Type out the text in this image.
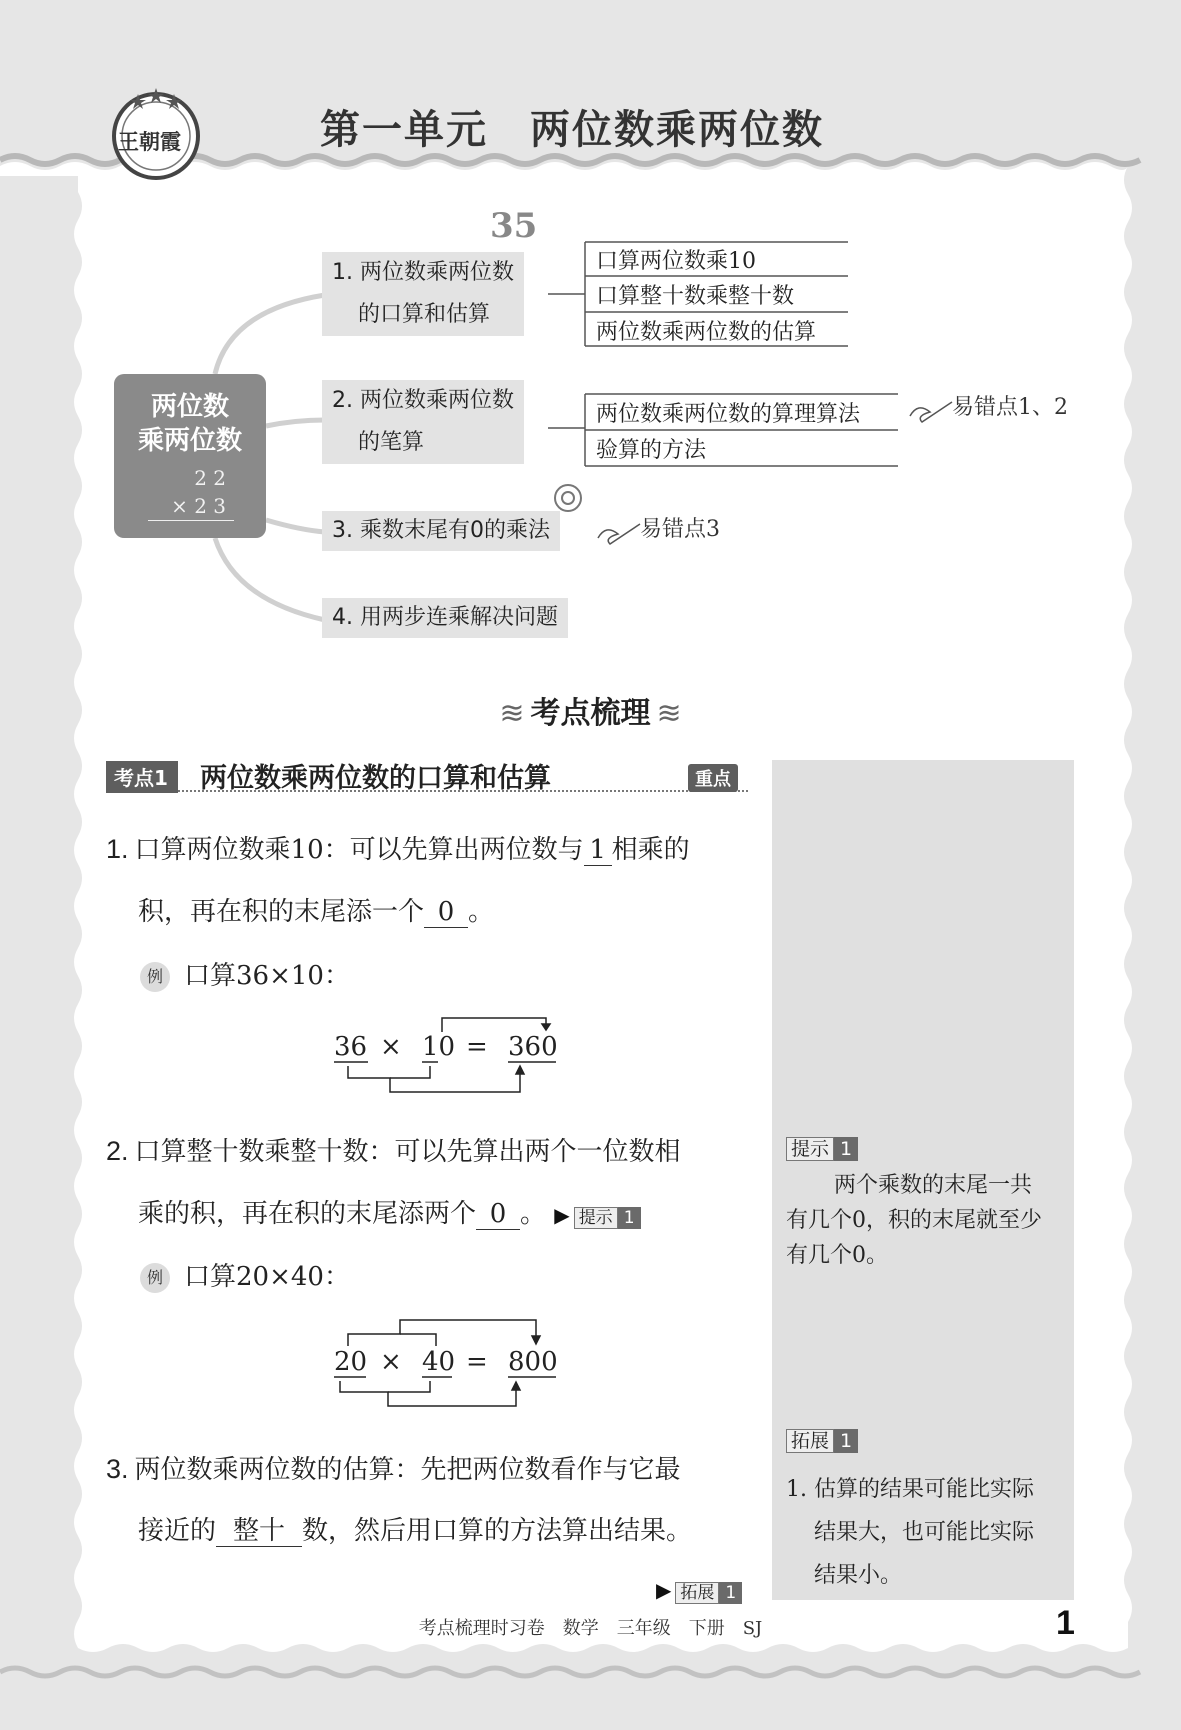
王朝霞	第一单元　两位数乘两位数
两位数
乘两位数
2 2
× 2 3
1. 两位数乘两位数
的口算和估算
35
口算两位数乘10
口算整十数乘整十数
两位数乘两位数的估算
2. 两位数乘两位数
的笔算
两位数乘两位数的算理算法
验算的方法
易错点1、2
3. 乘数末尾有0的乘法	易错点3
4. 用两步连乘解决问题
≋ 考点梳理 ≋
考点1	两位数乘两位数的口算和估算	重点
1. 口算两位数乘10：可以先算出两位数与 1 相乘的
积，再在积的末尾添一个 0 。
例 口算36×10：
36 × 10 = 360
2. 口算整十数乘整十数：可以先算出两个一位数相
乘的积，再在积的末尾添两个 0 。 ▶ 提示 1
例 口算20×40：
20 × 40 = 800
3. 两位数乘两位数的估算：先把两位数看作与它最
接近的 整十 数，然后用口算的方法算出结果。
▶ 拓展 1
提示 1
两个乘数的末尾一共
有几个0，积的末尾就至少
有几个0。
拓展 1
1. 估算的结果可能比实际
结果大，也可能比实际
结果小。
考点梳理时习卷　数学　三年级　下册　SJ	1
